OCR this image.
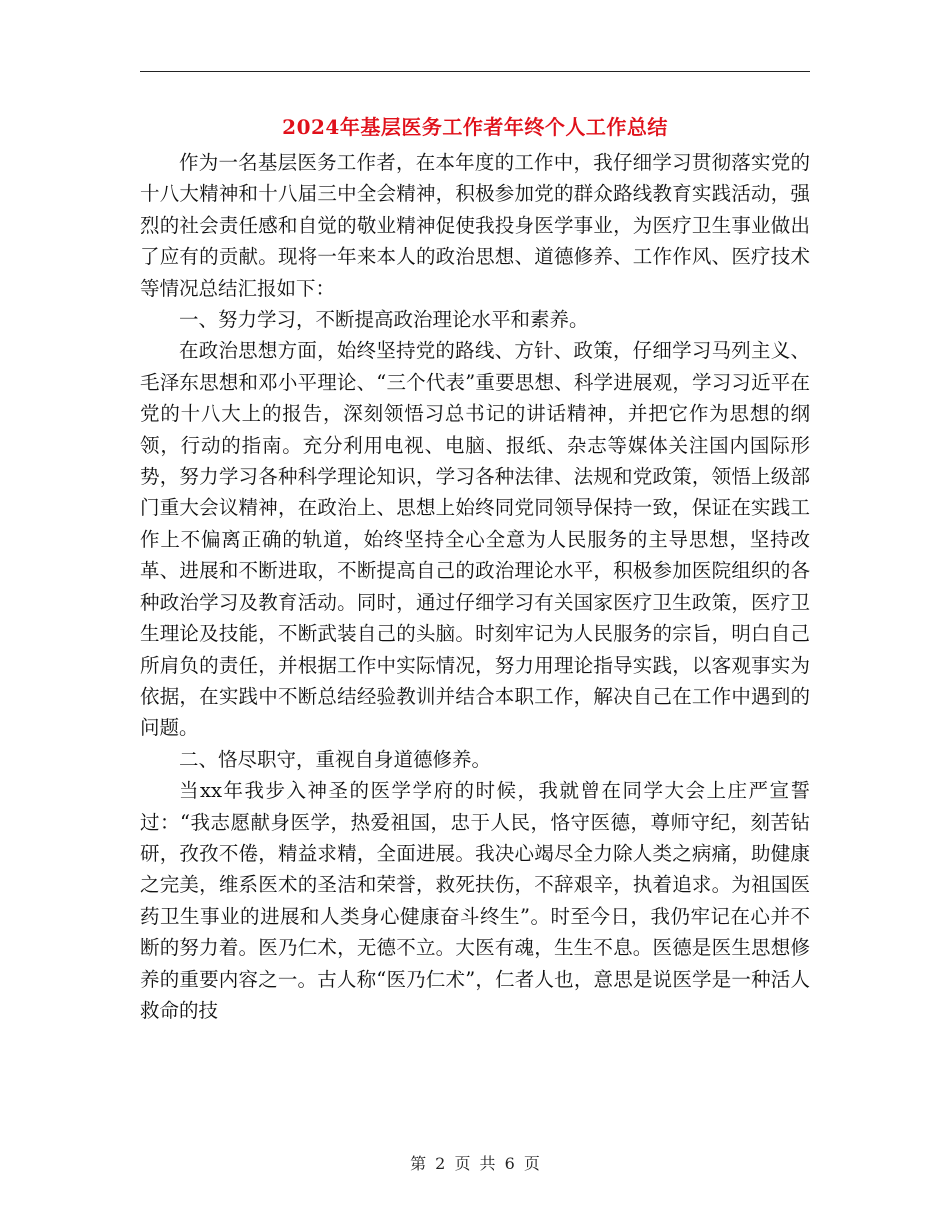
2024年基层医务工作者年终个人工作总结

作为一名基层医务工作者，在本年度的工作中，我仔细学习贯彻落实党的十八大精神和十八届三中全会精神，积极参加党的群众路线教育实践活动，强烈的社会责任感和自觉的敬业精神促使我投身医学事业，为医疗卫生事业做出了应有的贡献。现将一年来本人的政治思想、道德修养、工作作风、医疗技术等情况总结汇报如下：

一、努力学习，不断提高政治理论水平和素养。

在政治思想方面，始终坚持党的路线、方针、政策，仔细学习马列主义、毛泽东思想和邓小平理论、“三个代表”重要思想、科学进展观，学习习近平在党的十八大上的报告，深刻领悟习总书记的讲话精神，并把它作为思想的纲领，行动的指南。充分利用电视、电脑、报纸、杂志等媒体关注国内国际形势，努力学习各种科学理论知识，学习各种法律、法规和党政策，领悟上级部门重大会议精神，在政治上、思想上始终同党同领导保持一致，保证在实践工作上不偏离正确的轨道，始终坚持全心全意为人民服务的主导思想，坚持改革、进展和不断进取，不断提高自己的政治理论水平，积极参加医院组织的各种政治学习及教育活动。同时，通过仔细学习有关国家医疗卫生政策，医疗卫生理论及技能，不断武装自己的头脑。时刻牢记为人民服务的宗旨，明白自己所肩负的责任，并根据工作中实际情况，努力用理论指导实践，以客观事实为依据，在实践中不断总结经验教训并结合本职工作，解决自己在工作中遇到的问题。

二、恪尽职守，重视自身道德修养。

当xx年我步入神圣的医学学府的时候，我就曾在同学大会上庄严宣誓过：“我志愿献身医学，热爱祖国，忠于人民，恪守医德，尊师守纪，刻苦钻研，孜孜不倦，精益求精，全面进展。我决心竭尽全力除人类之病痛，助健康之完美，维系医术的圣洁和荣誉，救死扶伤，不辞艰辛，执着追求。为祖国医药卫生事业的进展和人类身心健康奋斗终生”。时至今日，我仍牢记在心并不断的努力着。医乃仁术，无德不立。大医有魂，生生不息。医德是医生思想修养的重要内容之一。古人称“医乃仁术”，仁者人也，意思是说医学是一种活人救命的技

第 2 页 共 6 页
